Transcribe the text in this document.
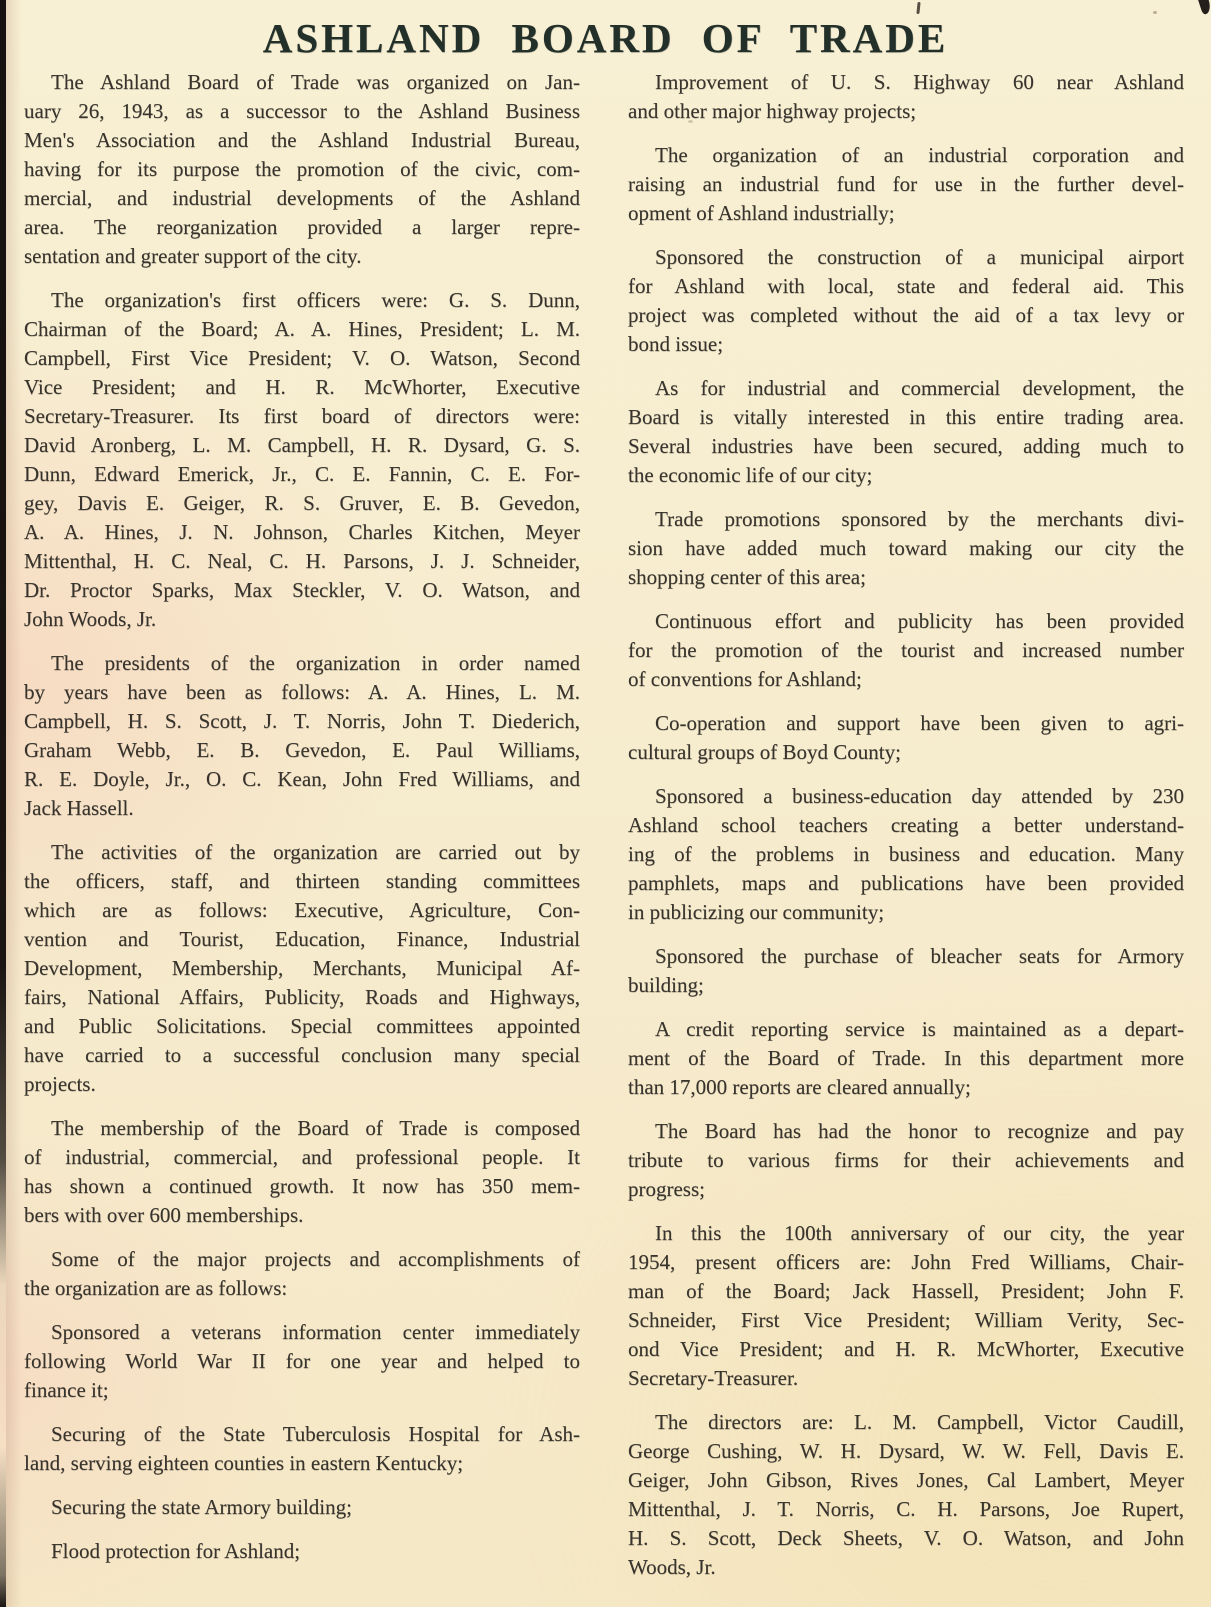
ASHLAND BOARD OF TRADE

The Ashland Board of Trade was organized on Jan-
uary 26, 1943, as a successor to the Ashland Business
Men's Association and the Ashland Industrial Bureau,
having for its purpose the promotion of the civic, com-
mercial, and industrial developments of the Ashland
area. The reorganization provided a larger repre-
sentation and greater support of the city.

The organization's first officers were: G. S. Dunn,
Chairman of the Board; A. A. Hines, President; L. M.
Campbell, First Vice President; V. O. Watson, Second
Vice President; and H. R. McWhorter, Executive
Secretary-Treasurer. Its first board of directors were:
David Aronberg, L. M. Campbell, H. R. Dysard, G. S.
Dunn, Edward Emerick, Jr., C. E. Fannin, C. E. For-
gey, Davis E. Geiger, R. S. Gruver, E. B. Gevedon,
A. A. Hines, J. N. Johnson, Charles Kitchen, Meyer
Mittenthal, H. C. Neal, C. H. Parsons, J. J. Schneider,
Dr. Proctor Sparks, Max Steckler, V. O. Watson, and
John Woods, Jr.

The presidents of the organization in order named
by years have been as follows: A. A. Hines, L. M.
Campbell, H. S. Scott, J. T. Norris, John T. Diederich,
Graham Webb, E. B. Gevedon, E. Paul Williams,
R. E. Doyle, Jr., O. C. Kean, John Fred Williams, and
Jack Hassell.

The activities of the organization are carried out by
the officers, staff, and thirteen standing committees
which are as follows: Executive, Agriculture, Con-
vention and Tourist, Education, Finance, Industrial
Development, Membership, Merchants, Municipal Af-
fairs, National Affairs, Publicity, Roads and Highways,
and Public Solicitations. Special committees appointed
have carried to a successful conclusion many special
projects.

The membership of the Board of Trade is composed
of industrial, commercial, and professional people. It
has shown a continued growth. It now has 350 mem-
bers with over 600 memberships.

Some of the major projects and accomplishments of
the organization are as follows:

Sponsored a veterans information center immediately
following World War II for one year and helped to
finance it;

Securing of the State Tuberculosis Hospital for Ash-
land, serving eighteen counties in eastern Kentucky;

Securing the state Armory building;

Flood protection for Ashland;

Improvement of U. S. Highway 60 near Ashland
and other major highway projects;

The organization of an industrial corporation and
raising an industrial fund for use in the further devel-
opment of Ashland industrially;

Sponsored the construction of a municipal airport
for Ashland with local, state and federal aid. This
project was completed without the aid of a tax levy or
bond issue;

As for industrial and commercial development, the
Board is vitally interested in this entire trading area.
Several industries have been secured, adding much to
the economic life of our city;

Trade promotions sponsored by the merchants divi-
sion have added much toward making our city the
shopping center of this area;

Continuous effort and publicity has been provided
for the promotion of the tourist and increased number
of conventions for Ashland;

Co-operation and support have been given to agri-
cultural groups of Boyd County;

Sponsored a business-education day attended by 230
Ashland school teachers creating a better understand-
ing of the problems in business and education. Many
pamphlets, maps and publications have been provided
in publicizing our community;

Sponsored the purchase of bleacher seats for Armory
building;

A credit reporting service is maintained as a depart-
ment of the Board of Trade. In this department more
than 17,000 reports are cleared annually;

The Board has had the honor to recognize and pay
tribute to various firms for their achievements and
progress;

In this the 100th anniversary of our city, the year
1954, present officers are: John Fred Williams, Chair-
man of the Board; Jack Hassell, President; John F.
Schneider, First Vice President; William Verity, Sec-
ond Vice President; and H. R. McWhorter, Executive
Secretary-Treasurer.

The directors are: L. M. Campbell, Victor Caudill,
George Cushing, W. H. Dysard, W. W. Fell, Davis E.
Geiger, John Gibson, Rives Jones, Cal Lambert, Meyer
Mittenthal, J. T. Norris, C. H. Parsons, Joe Rupert,
H. S. Scott, Deck Sheets, V. O. Watson, and John
Woods, Jr.
